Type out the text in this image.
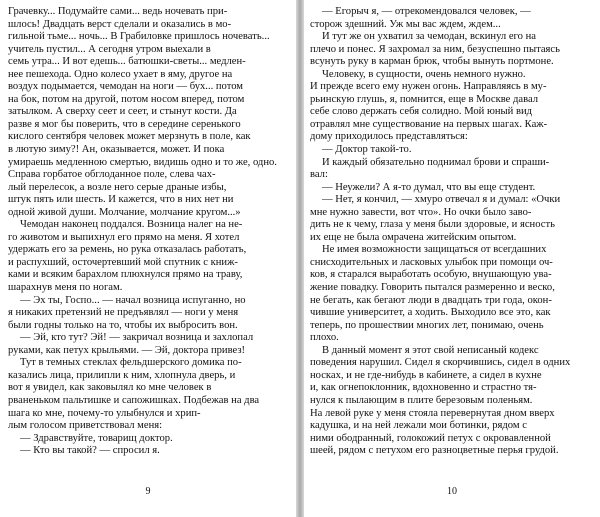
Грачевку... Подумайте сами... ведь ночевать при-

шлось! Двадцать верст сделали и оказались в мо-

гильной тьме... ночь... В Грабиловке пришлось ночевать...

учитель пустил... А сегодня утром выехали в

семь утра... И вот едешь... батюшки-светы... медлен-

нее пешехода. Одно колесо ухает в яму, другое на

воздух подымается, чемодан на ноги — бух... потом

на бок, потом на другой, потом носом вперед, потом

затылком. А сверху сеет и сеет, и стынут кости. Да

разве я мог бы поверить, что в середине серенького

кислого сентября человек может мерзнуть в поле, как

в лютую зиму?! Ан, оказывается, может. И пока

умираешь медленною смертью, видишь одно и то же, одно.

Справа горбатое обглоданное поле, слева чах-

лый перелесок, а возле него серые драные избы,

штук пять или шесть. И кажется, что в них нет ни

одной живой души. Молчание, молчание кругом...»

Чемодан наконец поддался. Возница налег на не-

го животом и выпихнул его прямо на меня. Я хотел

удержать его за ремень, но рука отказалась работать,

и распухший, осточертевший мой спутник с книж-

ками и всяким барахлом плюхнулся прямо на траву,

шарахнув меня по ногам.

— Эх ты, Госпо... — начал возница испуганно, но

я никаких претензий не предъявлял — ноги у меня

были годны только на то, чтобы их выбросить вон.

— Эй, кто тут? Эй! — закричал возница и захлопал

руками, как петух крыльями. — Эй, доктора привез!

Тут в темных стеклах фельдшерского домика по-

казались лица, прилипли к ним, хлопнула дверь, и

вот я увидел, как заковылял ко мне человек в

рваненьком пальтишке и сапожишках. Подбежав на два

шага ко мне, почему-то улыбнулся и хрип-

лым голосом приветствовал меня:

— Здравствуйте, товарищ доктор.

— Кто вы такой? — спросил я.

9

— Егорыч я, — отрекомендовался человек, —

сторож здешний. Уж мы вас ждем, ждем...

И тут же он ухватил за чемодан, вскинул его на

плечо и понес. Я захромал за ним, безуспешно пытаясь

всунуть руку в карман брюк, чтобы вынуть портмоне.

Человеку, в сущности, очень немного нужно.

И прежде всего ему нужен огонь. Направляясь в му-

рьинскую глушь, я, помнится, еще в Москве давал

себе слово держать себя солидно. Мой юный вид

отравлял мне существование на первых шагах. Каж-

дому приходилось представляться:

— Доктор такой-то.

И каждый обязательно поднимал брови и спраши-

вал:

— Неужели? А я-то думал, что вы еще студент.

— Нет, я кончил, — хмуро отвечал я и думал: «Очки

мне нужно завести, вот что». Но очки было заво-

дить не к чему, глаза у меня были здоровые, и ясность

их еще не была омрачена житейским опытом.

Не имея возможности защищаться от всегдашних

снисходительных и ласковых улыбок при помощи оч-

ков, я старался выработать особую, внушающую ува-

жение повадку. Говорить пытался размеренно и веско,

не бегать, как бегают люди в двадцать три года, окон-

чившие университет, а ходить. Выходило все это, как

теперь, по прошествии многих лет, понимаю, очень

плохо.

В данный момент я этот свой неписаный кодекс

поведения нарушил. Сидел я скорчившись, сидел в одних

носках, и не где-нибудь в кабинете, а сидел в кухне

и, как огнепоклонник, вдохновенно и страстно тя-

нулся к пылающим в плите березовым поленьям.

На левой руке у меня стояла перевернутая дном вверх

кадушка, и на ней лежали мои ботинки, рядом с

ними ободранный, голокожий петух с окровавленной

шеей, рядом с петухом его разноцветные перья грудой.

10
